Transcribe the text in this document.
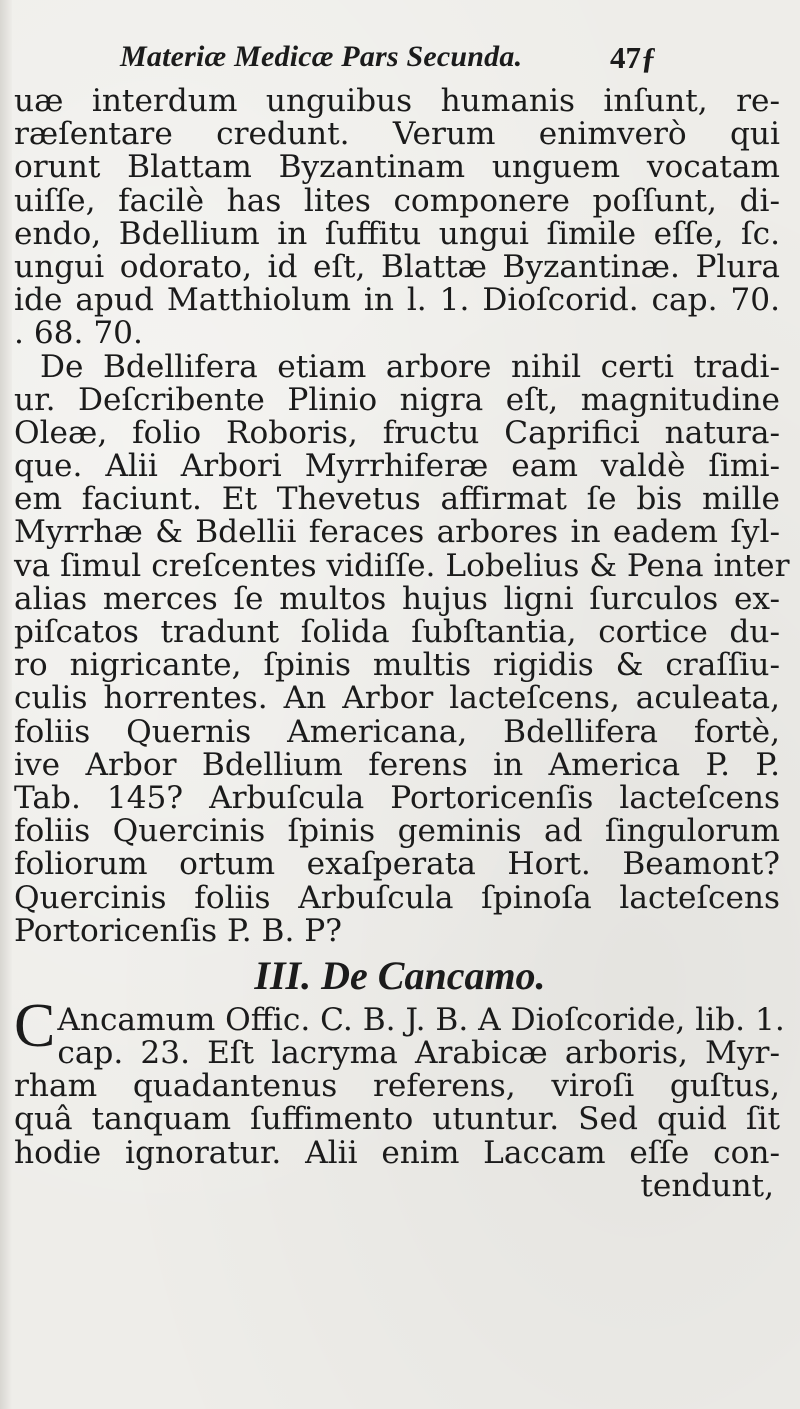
Materiæ Medicæ Pars Secunda.	47ƒ
uæ interdum unguibus humanis inſunt, re-
ræſentare credunt. Verum enimverò qui
orunt Blattam Byzantinam unguem vocatam
uiſſe, facilè has lites componere poſſunt, di-
endo, Bdellium in ſuffitu ungui ſimile eſſe, ſc.
ungui odorato, id eſt, Blattæ Byzantinæ. Plura
ide apud Matthiolum in l. 1. Dioſcorid. cap. 70.
. 68. 70.
De Bdellifera etiam arbore nihil certi tradi-
ur. Deſcribente Plinio nigra eſt, magnitudine
Oleæ, folio Roboris, fructu Caprifici natura-
que. Alii Arbori Myrrhiferæ eam valdè ſimi-
em faciunt. Et Thevetus affirmat ſe bis mille
Myrrhæ & Bdellii feraces arbores in eadem ſyl-
va ſimul creſcentes vidiſſe. Lobelius & Pena inter
alias merces ſe multos hujus ligni ſurculos ex-
piſcatos tradunt ſolida ſubſtantia, cortice du-
ro nigricante, ſpinis multis rigidis & craſſiu-
culis horrentes. An Arbor lactеſcens, aculeata,
foliis Quernis Americana, Bdellifera fortè,
ive Arbor Bdellium ferens in America P. P.
Tab. 145? Arbuſcula Portoricenſis lacteſcens
foliis Quercinis ſpinis geminis ad ſingulorum
foliorum ortum exaſperata Hort. Beamont?
Quercinis foliis Arbuſcula ſpinoſa lacteſcens
Portoricenſis P. B. P?
III. De Cancamo.
C Ancamum Offic. C. B. J. B. A Dioſcoride, lib. 1.
cap. 23. Eſt lacryma Arabicæ arboris, Myr-
rham quadantenus referens, viroſi guſtus,
quâ tanquam ſuffimento utuntur. Sed quid ſit
hodie ignoratur. Alii enim Laccam eſſe con-
tendunt,
